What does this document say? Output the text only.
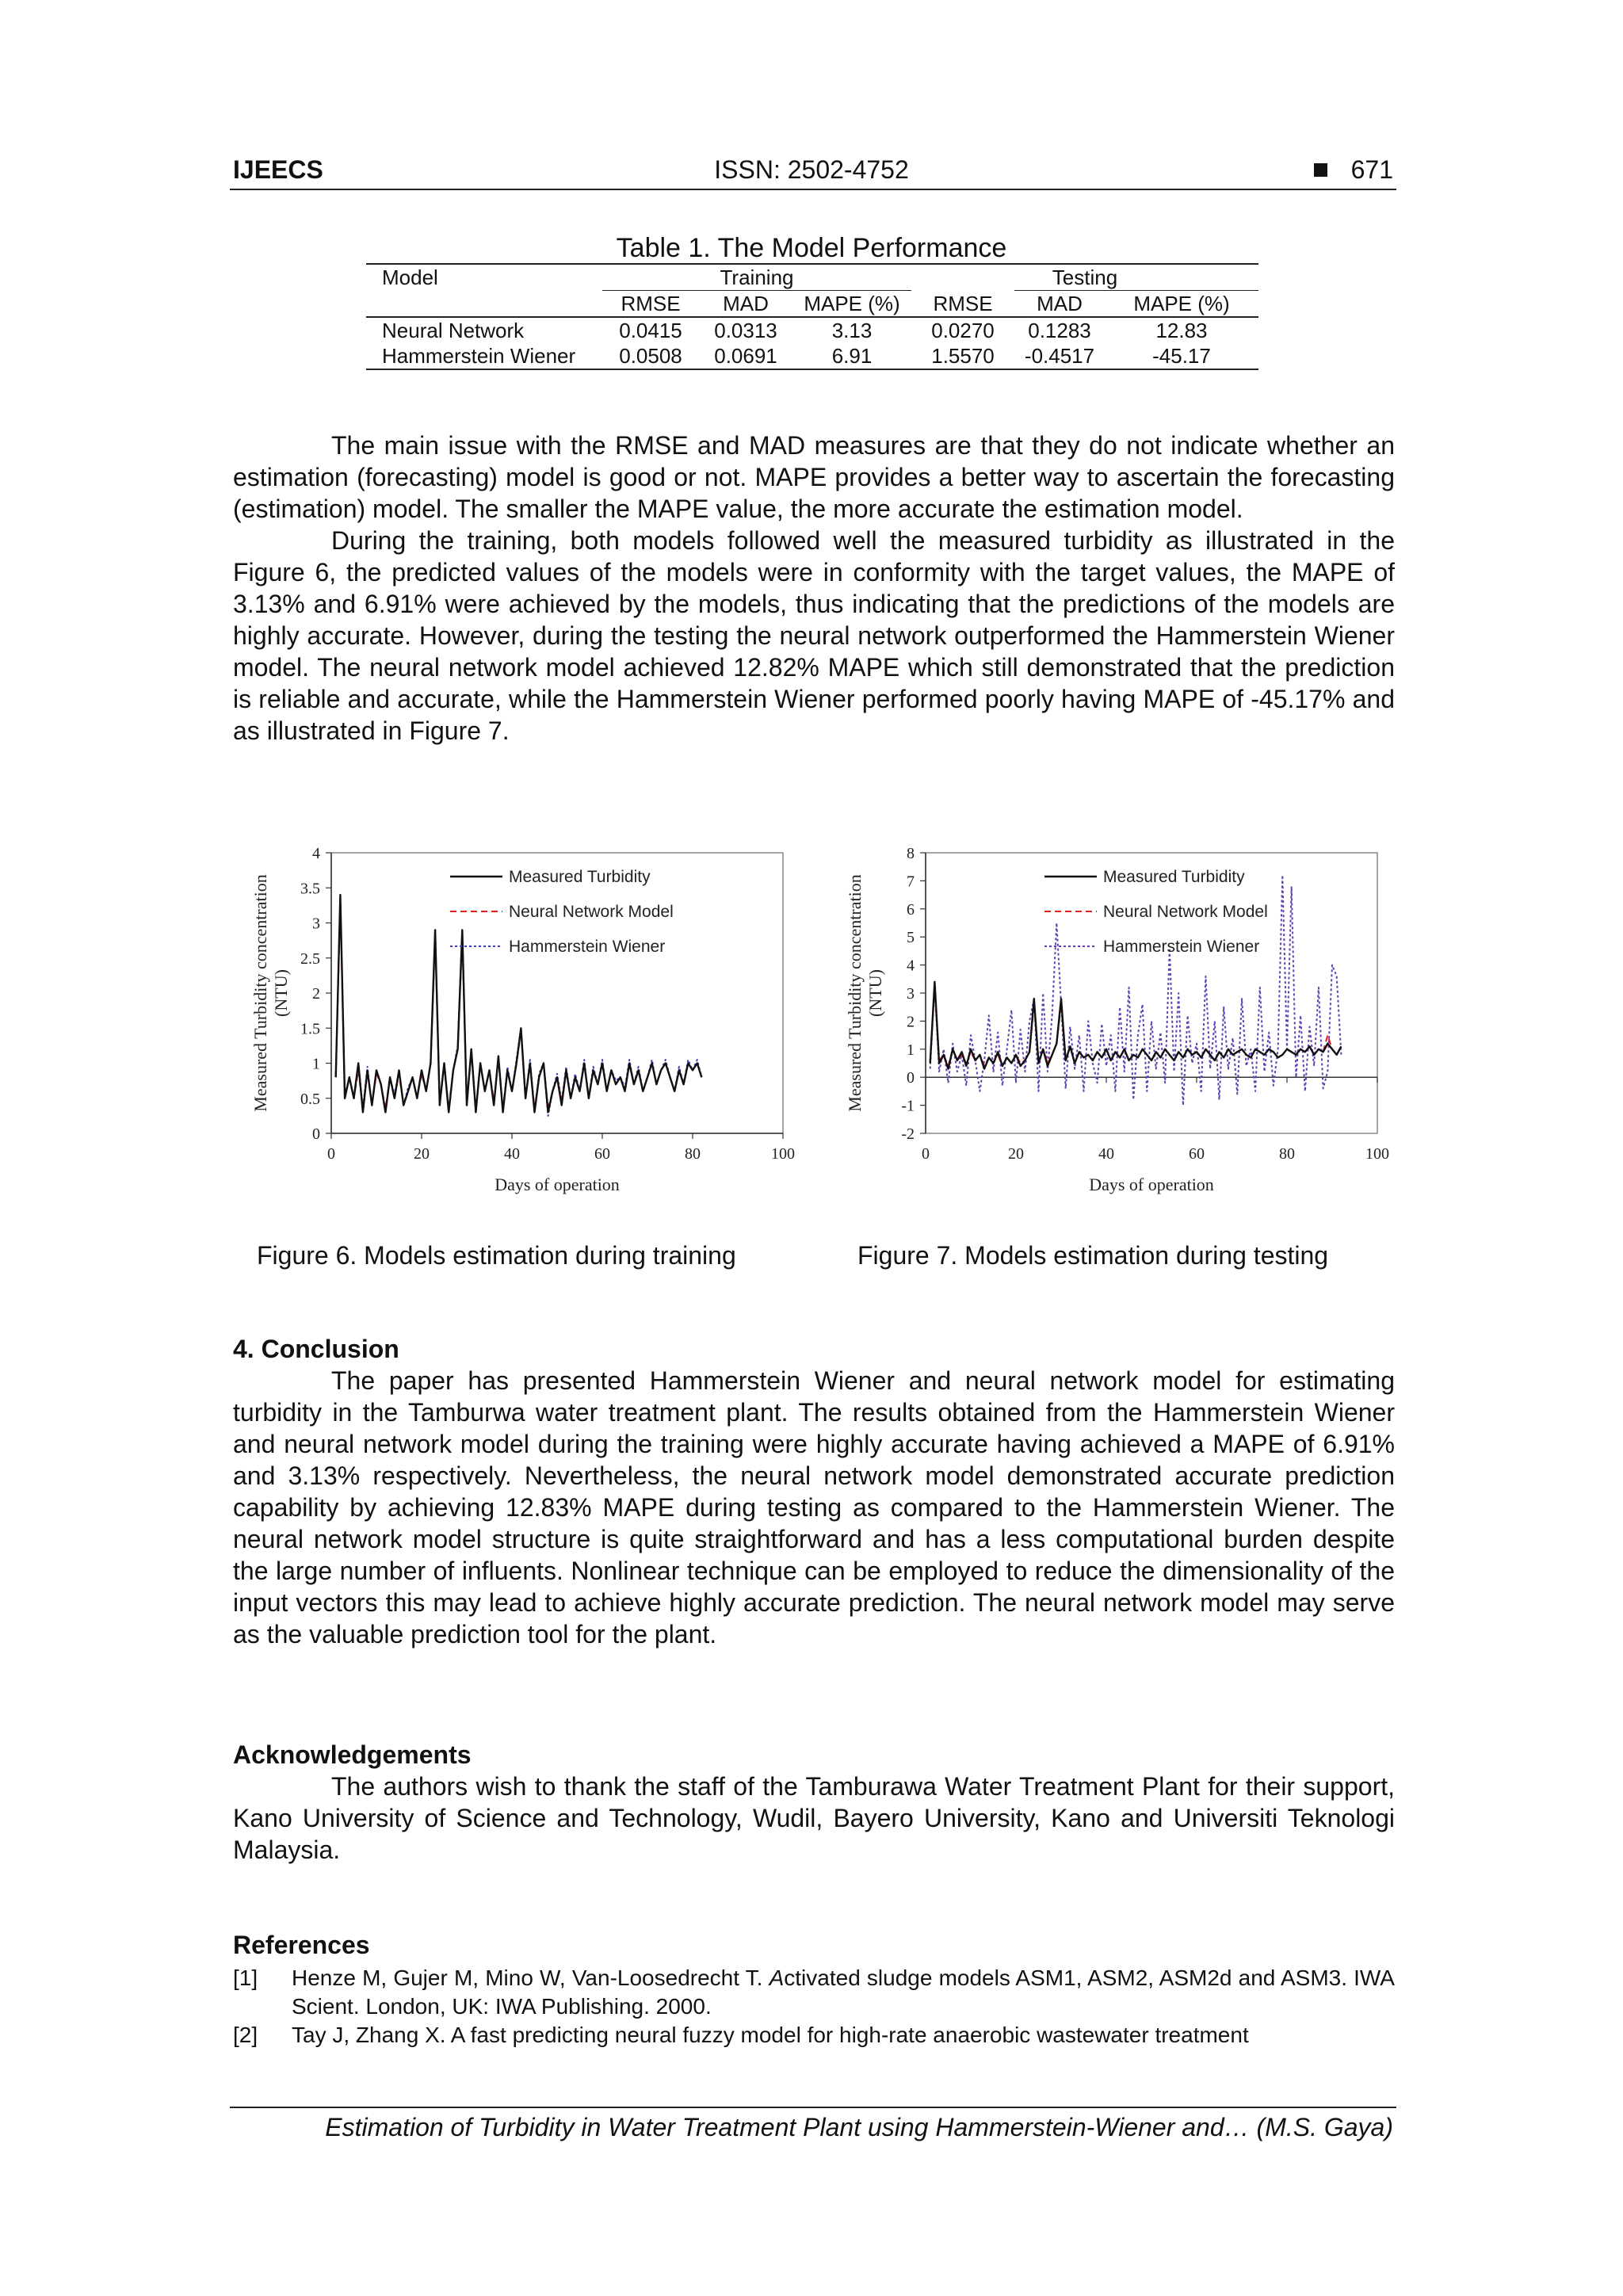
IJEECS	ISSN: 2502-4752	671
Table 1. The Model Performance
Model	Training			Testing		
	RMSE	MAD	MAPE (%)	RMSE	MAD	MAPE (%)
Neural Network	0.0415	0.0313	3.13	0.0270	0.1283	12.83
Hammerstein Wiener	0.0508	0.0691	6.91	1.5570	-0.4517	-45.17

The main issue with the RMSE and MAD measures are that they do not indicate whether an estimation (forecasting) model is good or not. MAPE provides a better way to ascertain the forecasting (estimation) model. The smaller the MAPE value, the more accurate the estimation model.

During the training, both models followed well the measured turbidity as illustrated in the Figure 6, the predicted values of the models were in conformity with the target values, the MAPE of 3.13% and 6.91% were achieved by the models, thus indicating that the predictions of the models are highly accurate. However, during the testing the neural network outperformed the Hammerstein Wiener model. The neural network model achieved 12.82% MAPE which still demonstrated that the prediction is reliable and accurate, while the Hammerstein Wiener performed poorly having MAPE of -45.17% and as illustrated in Figure 7.

0
0.5
1
1.5
2
2.5
3
3.5
4
0	20	40	60	80	100
Days of operation
Measured Turbidity concentration(NTU)
Measured Turbidity
Neural Network Model
Hammerstein Wiener
-2
-1
0
1
2
3
4
5
6
7
8
0	20	40	60	80	100
Days of operation
Measured Turbidity concentration(NTU)
Measured Turbidity
Neural Network Model
Hammerstein Wiener
Figure 6. Models estimation during training	Figure 7. Models estimation during testing
4. Conclusion

The paper has presented Hammerstein Wiener and neural network model for estimating turbidity in the Tamburwa water treatment plant. The results obtained from the Hammerstein Wiener and neural network model during the training were highly accurate having achieved a MAPE of 6.91% and 3.13% respectively. Nevertheless, the neural network model demonstrated accurate prediction capability by achieving 12.83% MAPE during testing as compared to the Hammerstein Wiener. The neural network model structure is quite straightforward and has a less computational burden despite the large number of influents. Nonlinear technique can be employed to reduce the dimensionality of the input vectors this may lead to achieve highly accurate prediction. The neural network model may serve as the valuable prediction tool for the plant.

Acknowledgements

The authors wish to thank the staff of the Tamburawa Water Treatment Plant for their support, Kano University of Science and Technology, Wudil, Bayero University, Kano and Universiti Teknologi Malaysia.

References
[1]	Henze M, Gujer M, Mino W, Van-Loosedrecht T. Activated sludge models ASM1, ASM2, ASM2d and ASM3. IWA Scient. London, UK: IWA Publishing. 2000.
[2]	Tay J, Zhang X. A fast predicting neural fuzzy model for high-rate anaerobic wastewater treatment
Estimation of Turbidity in Water Treatment Plant using Hammerstein-Wiener and… (M.S. Gaya)
